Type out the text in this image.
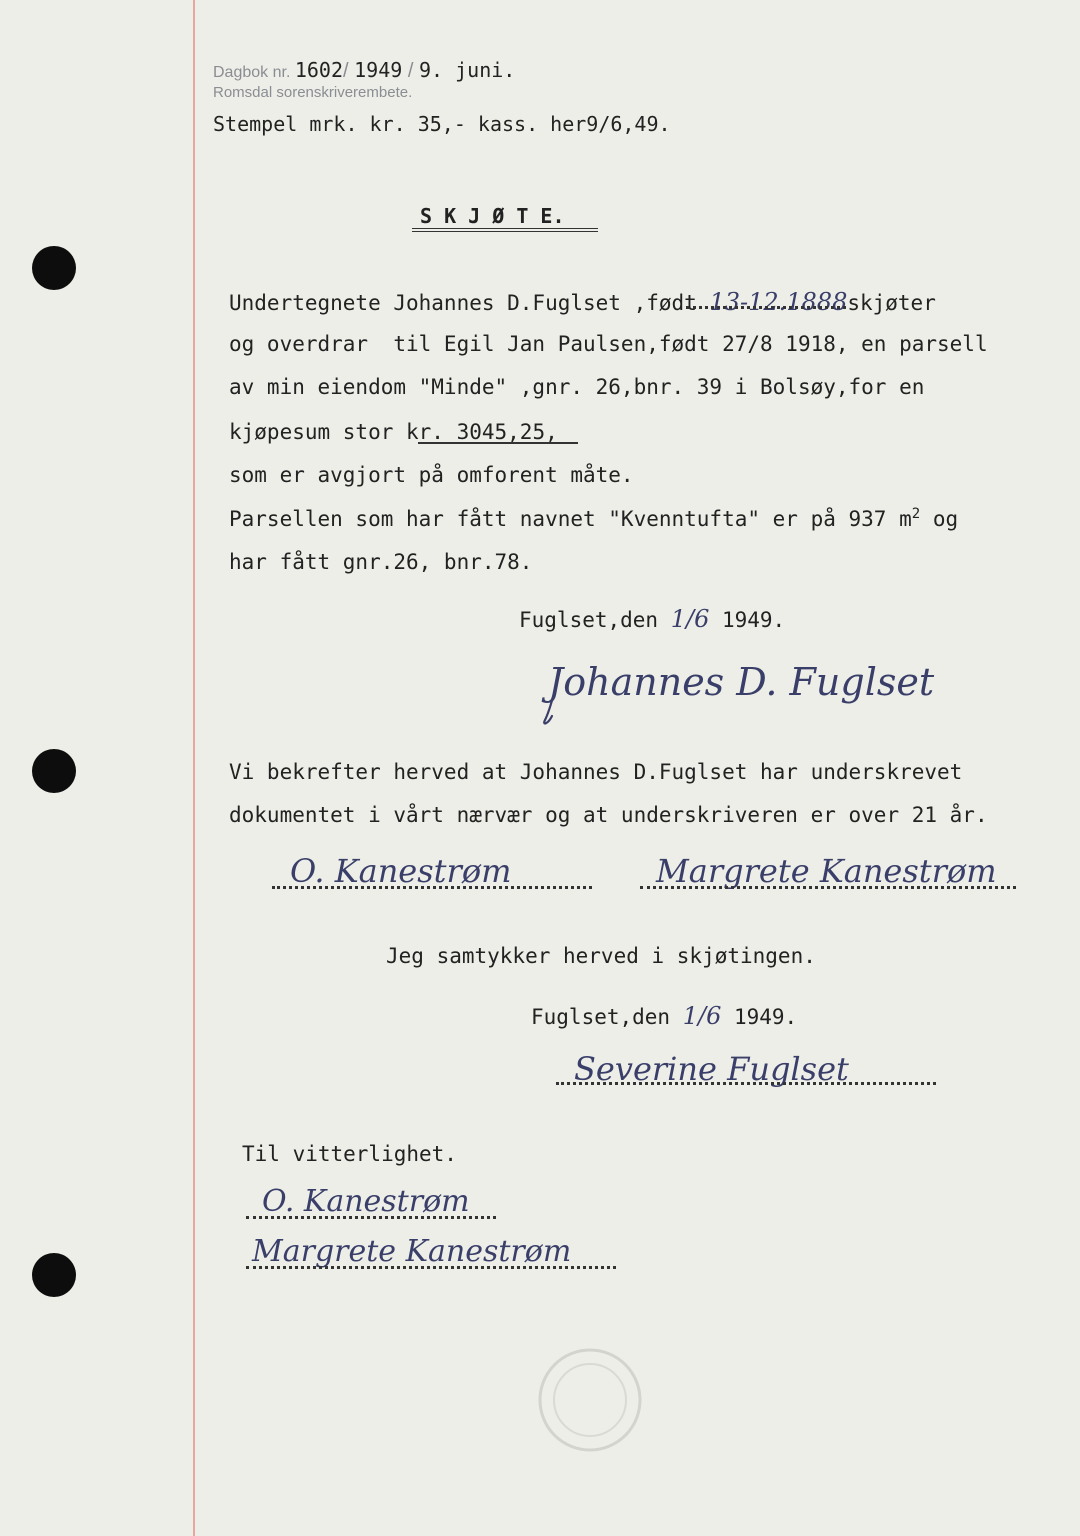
Dagbok nr. 1602/ 1949 / 9. juni.
Romsdal sorenskriverembete.
Stempel mrk. kr. 35,- kass. her9/6,49.
S K J Ø T E.
Undertegnete Johannes D.Fuglset ,født 13-12.1888skjøter
og overdrar  til Egil Jan Paulsen,født 27/8 1918, en parsell
av min eiendom "Minde" ,gnr. 26,bnr. 39 i Bolsøy,for en
kjøpesum stor kr. 3045,25,
som er avgjort på omforent måte.
Parsellen som har fått navnet "Kvenntufta" er på 937 $m^2$ og
har fått gnr.26, bnr.78.
Fuglset,den 1/6 1949.
Johannes D. Fuglset
Vi bekrefter herved at Johannes D.Fuglset har underskrevet
dokumentet i vårt nærvær og at underskriveren er over 21 år.
O. Kanestrøm	Margrete Kanestrøm
Jeg samtykker herved i skjøtingen.
Fuglset,den 1/6 1949.
Severine Fuglset
Til vitterlighet.
O. Kanestrøm
Margrete Kanestrøm
